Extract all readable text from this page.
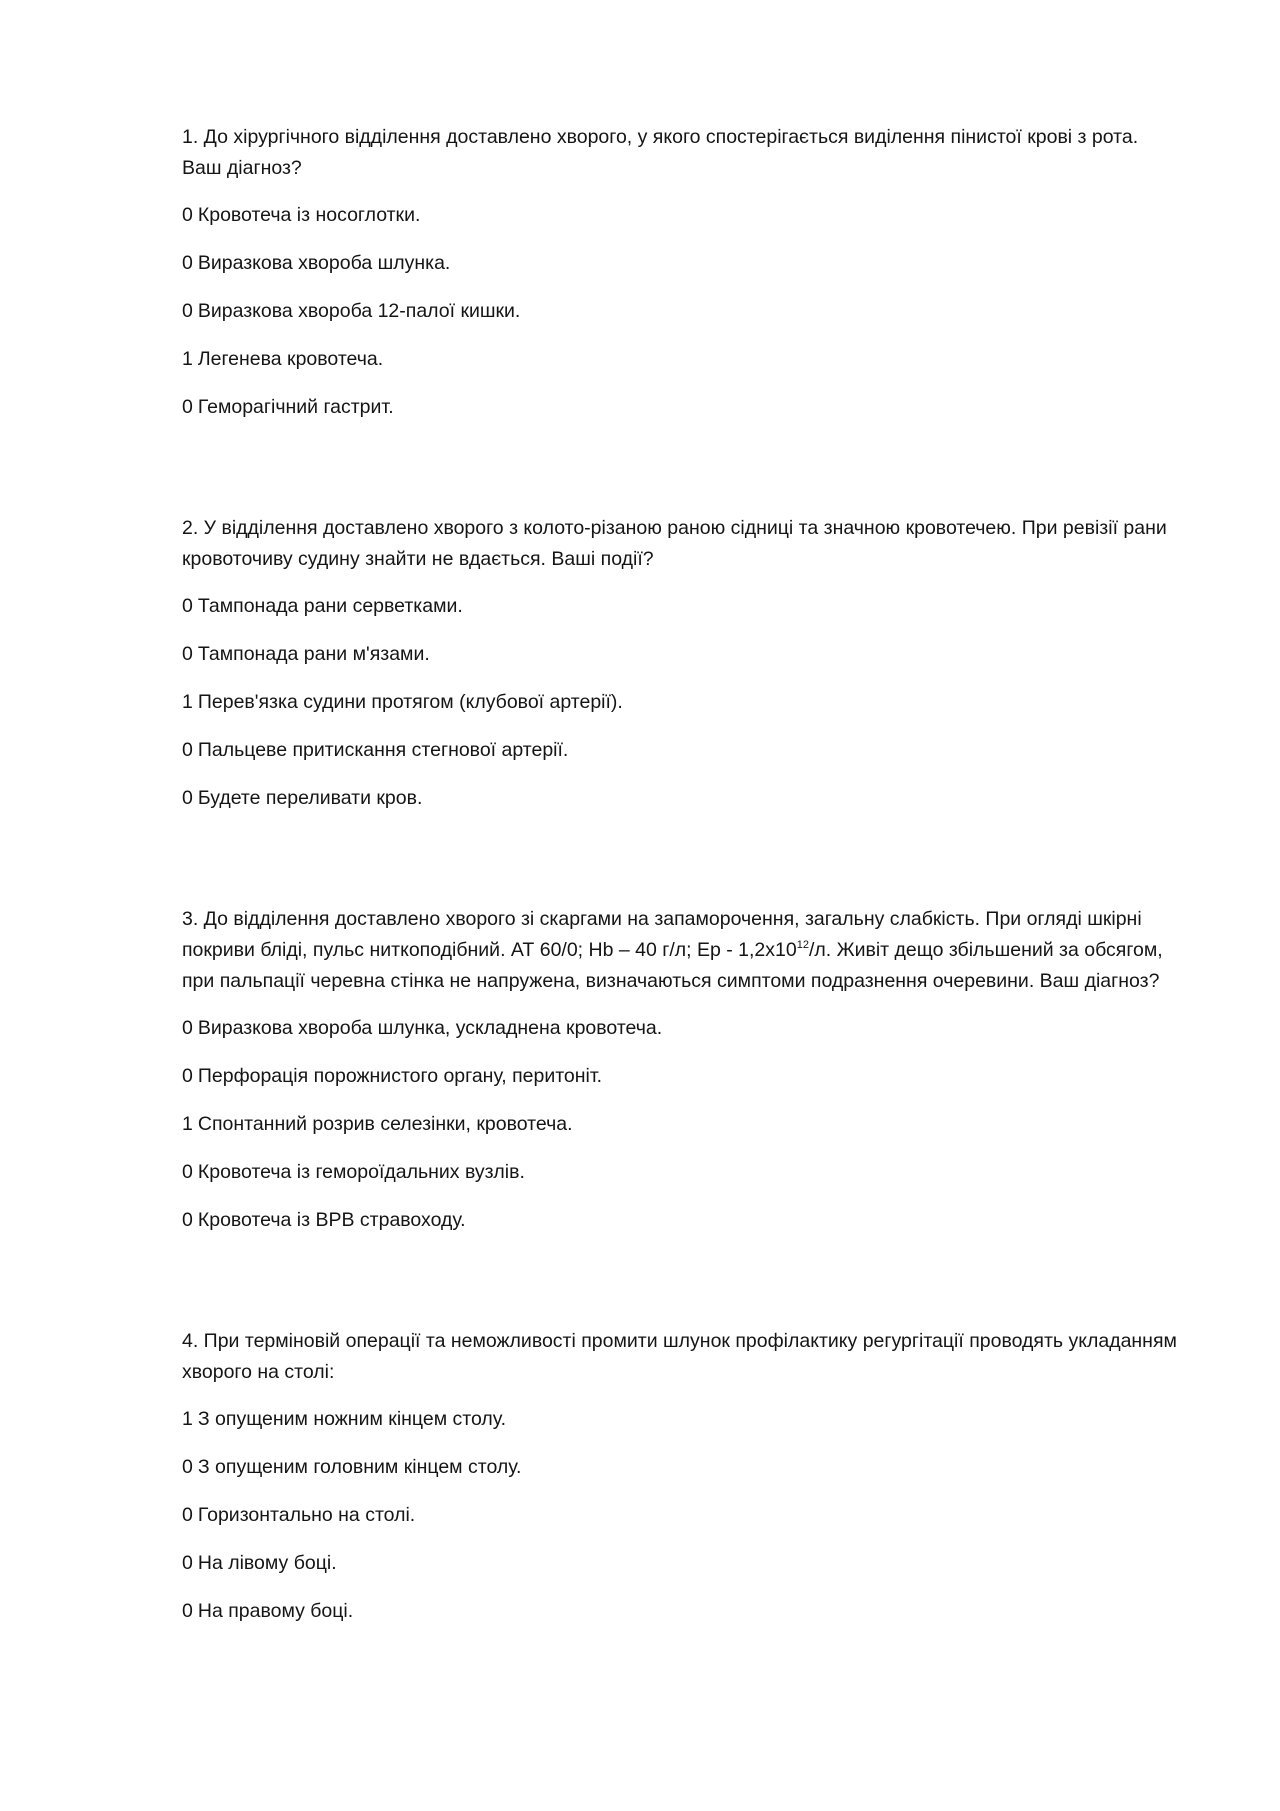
1. До хірургічного відділення доставлено хворого, у якого спостерігається виділення пінистої крові з рота. Ваш діагноз?

0 Кровотеча із носоглотки.

0 Виразкова хвороба шлунка.

0 Виразкова хвороба 12-палої кишки.

1 Легенева кровотеча.

0 Геморагічний гастрит.

2. У відділення доставлено хворого з колото-різаною раною сідниці та значною кровотечею. При ревізії рани кровоточиву судину знайти не вдається. Ваші події?

0 Тампонада рани серветками.

0 Тампонада рани м'язами.

1 Перев'язка судини протягом (клубової артерії).

0 Пальцеве притискання стегнової артерії.

0 Будете переливати кров.

3. До відділення доставлено хворого зі скаргами на запаморочення, загальну слабкість. При огляді шкірні покриви бліді, пульс ниткоподібний. АТ 60/0; Hb – 40 г/л; Ер - $1,2х10^{12}/л$. Живіт дещо збільшений за обсягом, при пальпації черевна стінка не напружена, визначаються симптоми подразнення очеревини. Ваш діагноз?

0 Виразкова хвороба шлунка, ускладнена кровотеча.

0 Перфорація порожнистого органу, перитоніт.

1 Спонтанний розрив селезінки, кровотеча.

0 Кровотеча із гемороїдальних вузлів.

0 Кровотеча із ВРВ стравоходу.

4. При терміновій операції та неможливості промити шлунок профілактику регургітації проводять укладанням хворого на столі:

1 З опущеним ножним кінцем столу.

0 З опущеним головним кінцем столу.

0 Горизонтально на столі.

0 На лівому боці.

0 На правому боці.
